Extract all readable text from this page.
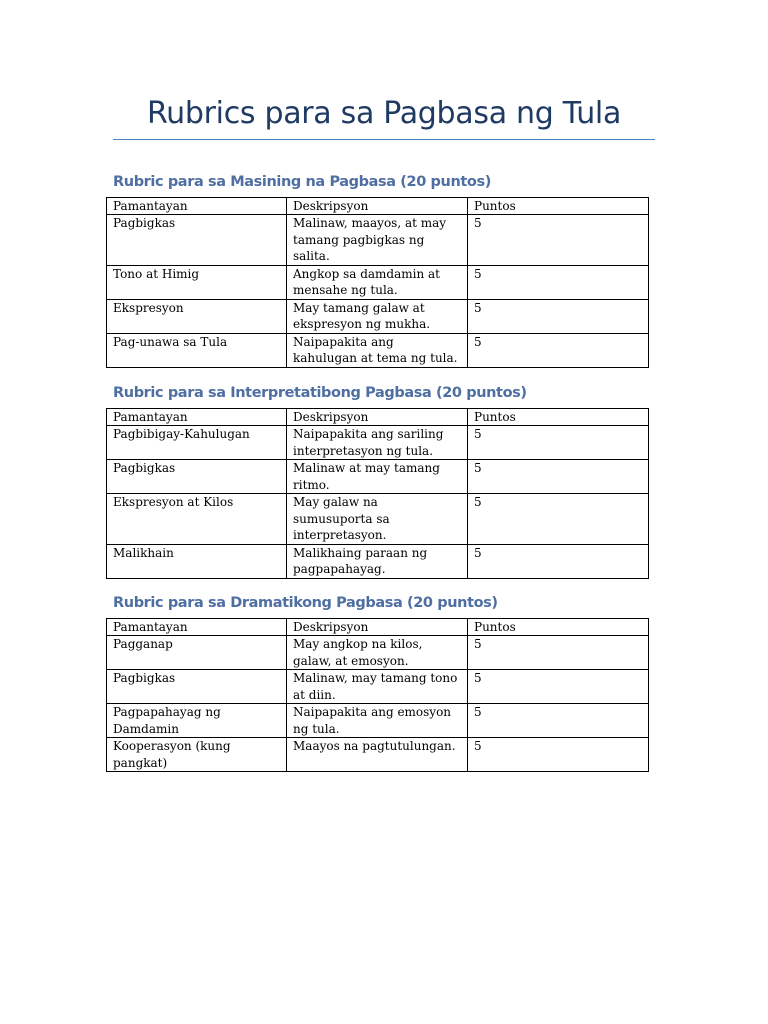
Rubrics para sa Pagbasa ng Tula
Rubric para sa Masining na Pagbasa (20 puntos)
Pamantayan	Deskripsyon	Puntos
Pagbigkas	Malinaw, maayos, at may tamang pagbigkas ng salita.	5
Tono at Himig	Angkop sa damdamin at mensahe ng tula.	5
Ekspresyon	May tamang galaw at ekspresyon ng mukha.	5
Pag-unawa sa Tula	Naipapakita ang kahulugan at tema ng tula.	5
Rubric para sa Interpretatibong Pagbasa (20 puntos)
Pamantayan	Deskripsyon	Puntos
Pagbibigay-Kahulugan	Naipapakita ang sariling interpretasyon ng tula.	5
Pagbigkas	Malinaw at may tamang ritmo.	5
Ekspresyon at Kilos	May galaw na sumusuporta sa interpretasyon.	5
Malikhain	Malikhaing paraan ng pagpapahayag.	5
Rubric para sa Dramatikong Pagbasa (20 puntos)
Pamantayan	Deskripsyon	Puntos
Pagganap	May angkop na kilos, galaw, at emosyon.	5
Pagbigkas	Malinaw, may tamang tono at diin.	5
Pagpapahayag ng Damdamin	Naipapakita ang emosyon ng tula.	5
Kooperasyon (kung pangkat)	Maayos na pagtutulungan.	5
